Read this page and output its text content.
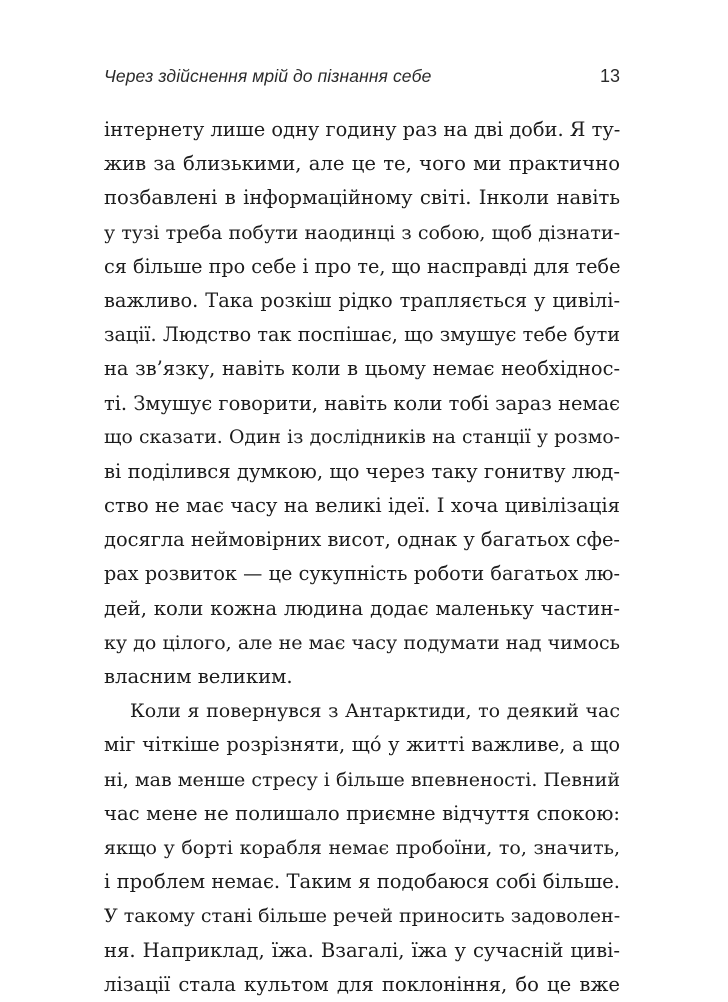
Через здійснення мрій до пізнання себе	13
інтернету лише одну годину раз на дві доби. Я ту-
жив за близькими, але це те, чого ми практично
позбавлені в інформаційному світі. Інколи навіть
у тузі треба побути наодинці з собою, щоб дізнати-
ся більше про себе і про те, що насправді для тебе
важливо. Така розкіш рідко трапляється у цивілі-
зації. Людство так поспішає, що змушує тебе бути
на зв’язку, навіть коли в цьому немає необхіднос-
ті. Змушує говорити, навіть коли тобі зараз немає
що сказати. Один із дослідників на станції у розмо-
ві поділився думкою, що через таку гонитву люд-
ство не має часу на великі ідеї. І хоча цивілізація
досягла неймовірних висот, однак у багатьох сфе-
рах розвиток — це сукупність роботи багатьох лю-
дей, коли кожна людина додає маленьку частин-
ку до цілого, але не має часу подумати над чимось
власним великим.
Коли я повернувся з Антарктиди, то деякий час
міг чіткіше розрізняти, що́ у житті важливе, а що
ні, мав менше стресу і більше впевненості. Певний
час мене не полишало приємне відчуття спокою:
якщо у борті корабля немає пробоїни, то, значить,
і проблем немає. Таким я подобаюся собі більше.
У такому стані більше речей приносить задоволен-
ня. Наприклад, їжа. Взагалі, їжа у сучасній циві-
лізації стала культом для поклоніння, бо це вже
